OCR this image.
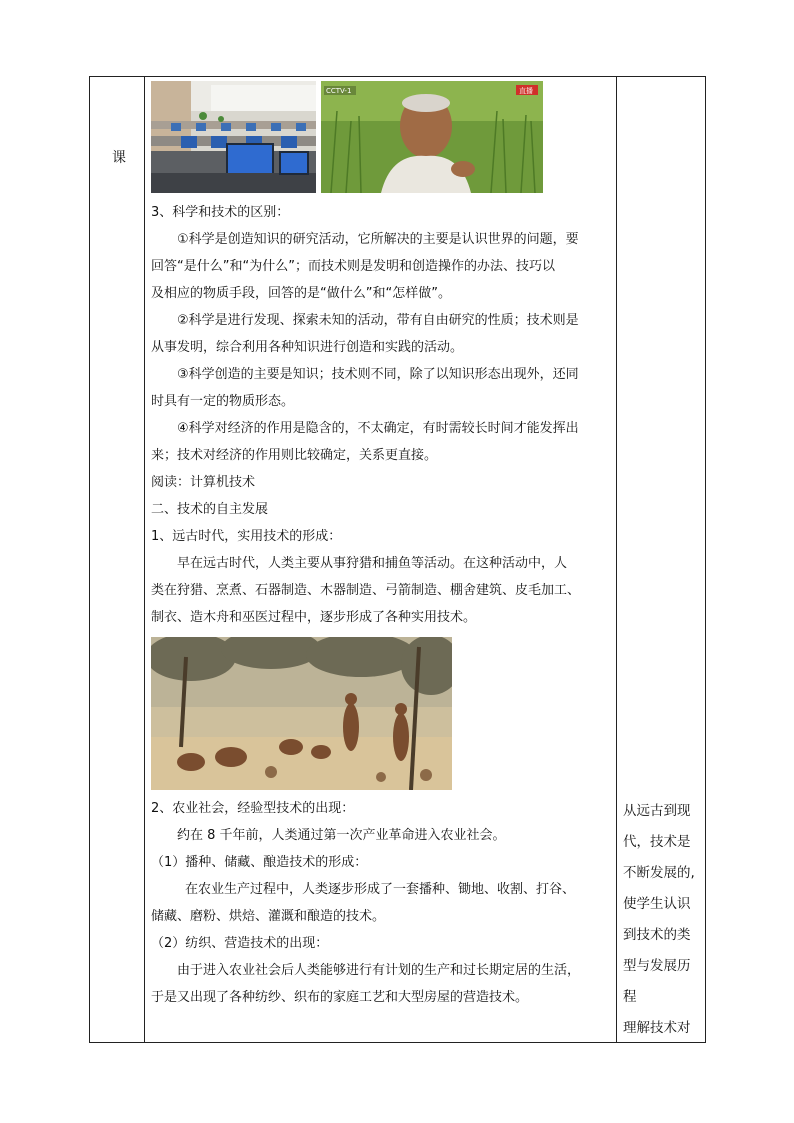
课
CCTV-1	直播
3、科学和技术的区别：
①科学是创造知识的研究活动，它所解决的主要是认识世界的问题，要
回答“是什么”和“为什么”；而技术则是发明和创造操作的办法、技巧以
及相应的物质手段，回答的是“做什么”和“怎样做”。
②科学是进行发现、探索未知的活动，带有自由研究的性质；技术则是
从事发明，综合利用各种知识进行创造和实践的活动。
③科学创造的主要是知识；技术则不同，除了以知识形态出现外，还同
时具有一定的物质形态。
④科学对经济的作用是隐含的，不太确定，有时需较长时间才能发挥出
来；技术对经济的作用则比较确定，关系更直接。
阅读：计算机技术
二、技术的自主发展
1、远古时代，实用技术的形成：
早在远古时代，人类主要从事狩猎和捕鱼等活动。在这种活动中，人
类在狩猎、烹煮、石器制造、木器制造、弓箭制造、棚舍建筑、皮毛加工、
制衣、造木舟和巫医过程中，逐步形成了各种实用技术。
2、农业社会，经验型技术的出现：
约在 8 千年前，人类通过第一次产业革命进入农业社会。
（1）播种、储藏、酿造技术的形成：
在农业生产过程中，人类逐步形成了一套播种、锄地、收割、打谷、
储藏、磨粉、烘焙、灌溉和酿造的技术。
（2）纺织、营造技术的出现：
由于进入农业社会后人类能够进行有计划的生产和过长期定居的生活，
于是又出现了各种纺纱、织布的家庭工艺和大型房屋的营造技术。
从远古到现
代，技术是
不断发展的,
使学生认识
到技术的类
型与发展历
程
理解技术对
